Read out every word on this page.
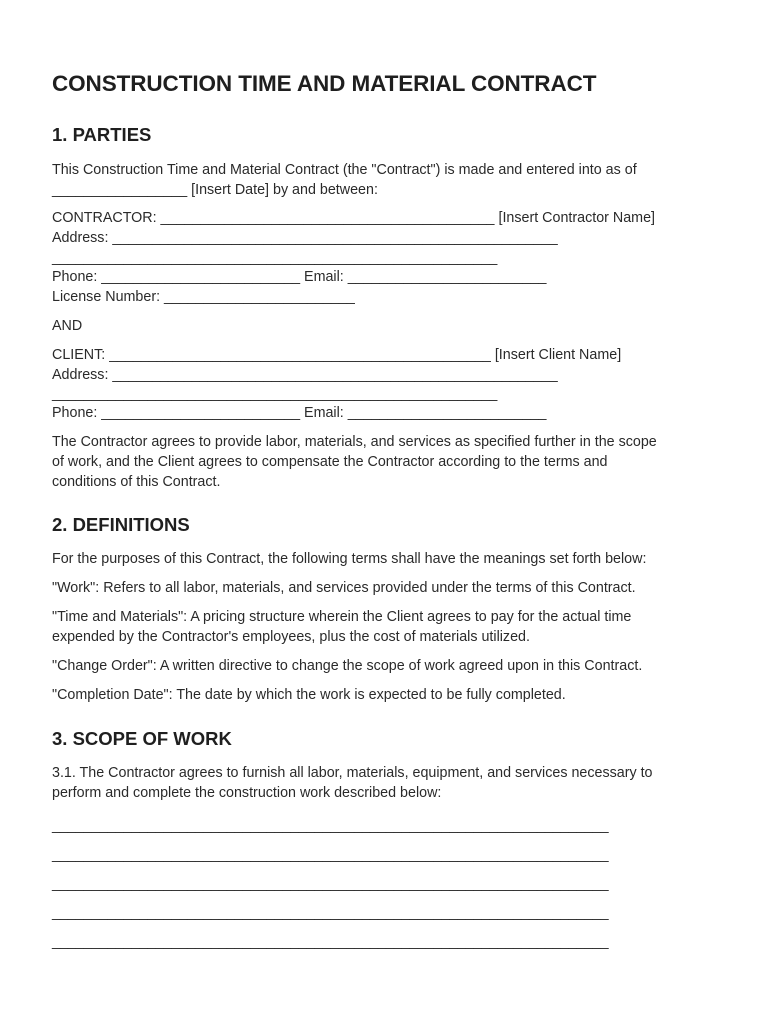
CONSTRUCTION TIME AND MATERIAL CONTRACT
1. PARTIES
This Construction Time and Material Contract (the "Contract") is made and entered into as of
_________________ [Insert Date] by and between:
CONTRACTOR: __________________________________________ [Insert Contractor Name]
Address: ________________________________________________________
________________________________________________________
Phone: _________________________ Email: _________________________
License Number: ________________________
AND
CLIENT: ________________________________________________ [Insert Client Name]
Address: ________________________________________________________
________________________________________________________
Phone: _________________________ Email: _________________________
The Contractor agrees to provide labor, materials, and services as specified further in the scope
of work, and the Client agrees to compensate the Contractor according to the terms and
conditions of this Contract.
2. DEFINITIONS
For the purposes of this Contract, the following terms shall have the meanings set forth below:
"Work": Refers to all labor, materials, and services provided under the terms of this Contract.
"Time and Materials": A pricing structure wherein the Client agrees to pay for the actual time
expended by the Contractor's employees, plus the cost of materials utilized.
"Change Order": A written directive to change the scope of work agreed upon in this Contract.
"Completion Date": The date by which the work is expected to be fully completed.
3. SCOPE OF WORK
3.1. The Contractor agrees to furnish all labor, materials, equipment, and services necessary to
perform and complete the construction work described below:
______________________________________________________________________
______________________________________________________________________
______________________________________________________________________
______________________________________________________________________
______________________________________________________________________
